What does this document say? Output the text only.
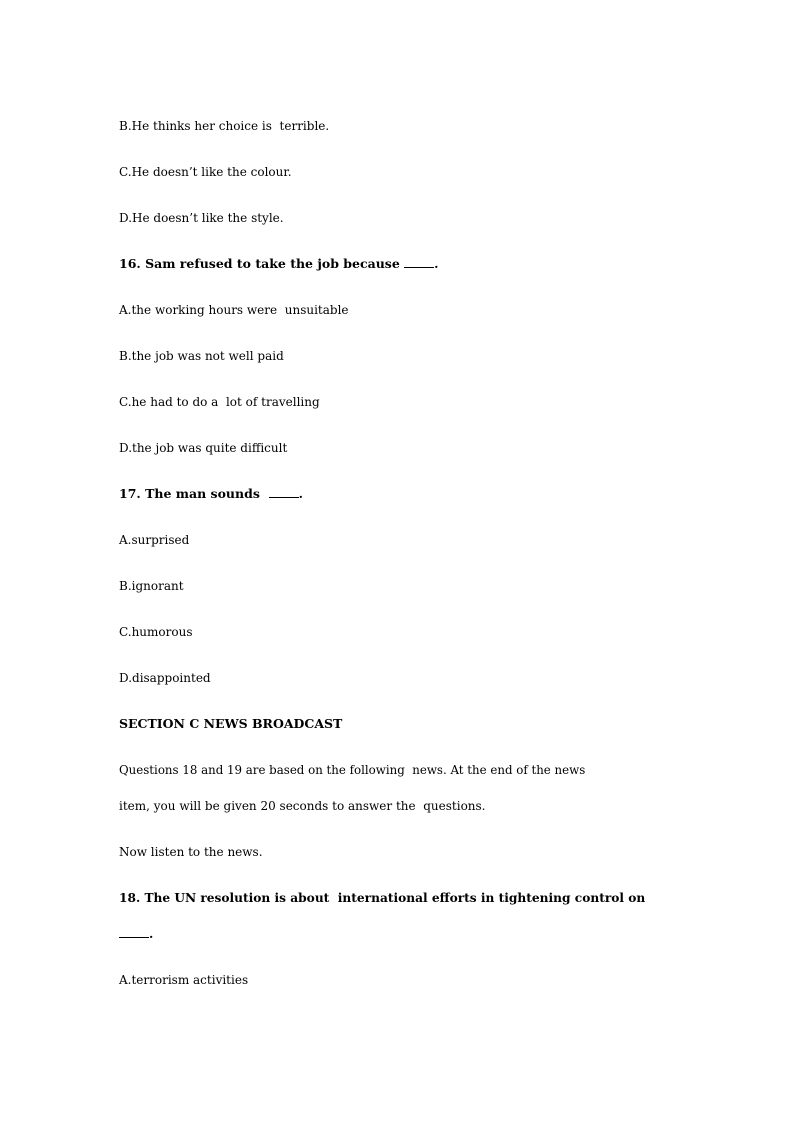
B.He thinks her choice is  terrible.

C.He doesn’t like the colour.

D.He doesn’t like the style.

16. Sam refused to take the job because .

A.the working hours were  unsuitable

B.the job was not well paid

C.he had to do a  lot of travelling

D.the job was quite difficult

17. The man sounds  .

A.surprised

B.ignorant

C.humorous

D.disappointed

SECTION C NEWS BROADCAST

Questions 18 and 19 are based on the following  news. At the end of the news

item, you will be given 20 seconds to answer the  questions.

Now listen to the news.

18. The UN resolution is about  international efforts in tightening control on

.

A.terrorism activities
